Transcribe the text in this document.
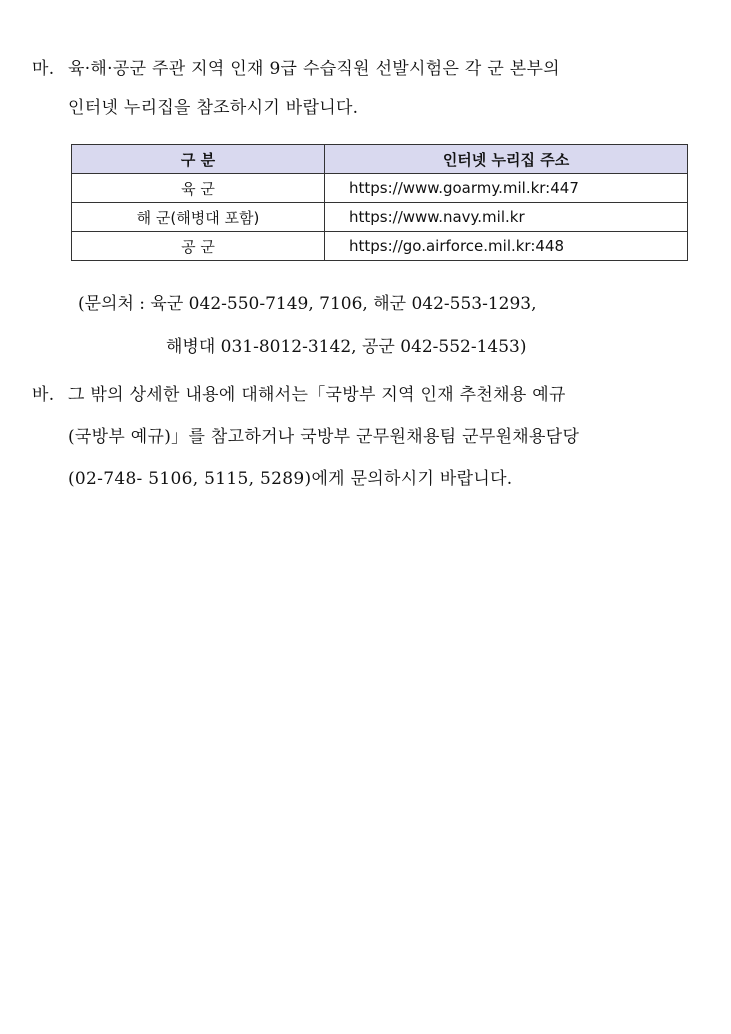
마. 육·해·공군 주관 지역 인재 9급 수습직원 선발시험은 각 군 본부의
인터넷 누리집을 참조하시기 바랍니다.
구 분	인터넷 누리집 주소
육 군	https://www.goarmy.mil.kr:447
해 군(해병대 포함)	https://www.navy.mil.kr
공 군	https://go.airforce.mil.kr:448
(문의처 : 육군 042-550-7149, 7106, 해군 042-553-1293,
해병대 031-8012-3142, 공군 042-552-1453)
바. 그 밖의 상세한 내용에 대해서는「국방부 지역 인재 추천채용 예규
(국방부 예규)」를 참고하거나 국방부 군무원채용팀 군무원채용담당
(02-748- 5106, 5115, 5289)에게 문의하시기 바랍니다.
